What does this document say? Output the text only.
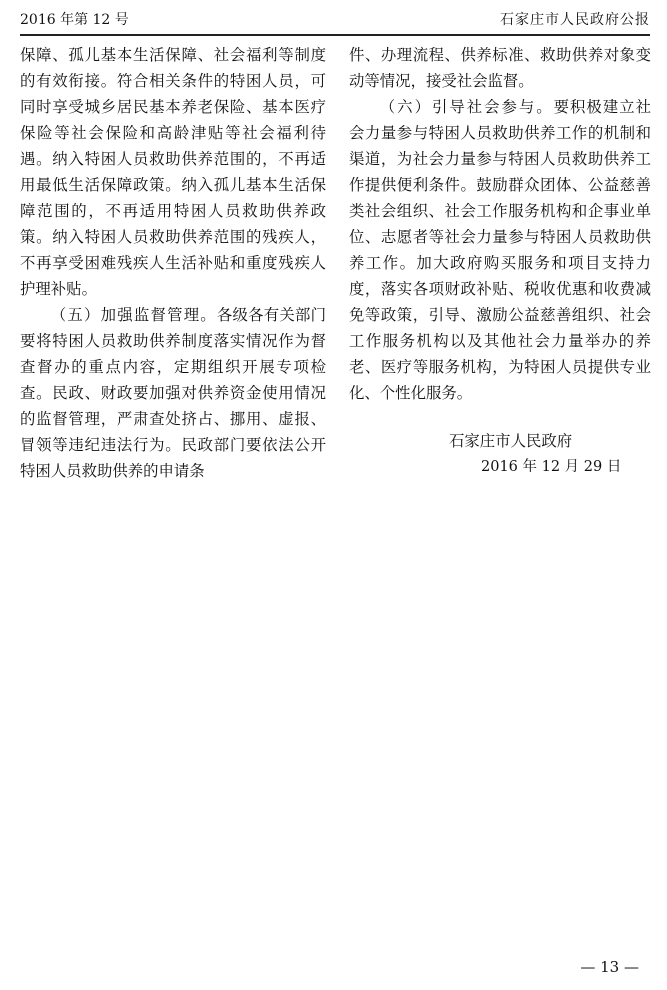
2016 年第 12 号	石家庄市人民政府公报

保障、孤儿基本生活保障、社会福利等制度的有效衔接。符合相关条件的特困人员，可同时享受城乡居民基本养老保险、基本医疗保险等社会保险和高龄津贴等社会福利待遇。纳入特困人员救助供养范围的，不再适用最低生活保障政策。纳入孤儿基本生活保障范围的，不再适用特困人员救助供养政策。纳入特困人员救助供养范围的残疾人，不再享受困难残疾人生活补贴和重度残疾人护理补贴。

（五）加强监督管理。各级各有关部门要将特困人员救助供养制度落实情况作为督查督办的重点内容，定期组织开展专项检查。民政、财政要加强对供养资金使用情况的监督管理，严肃查处挤占、挪用、虚报、冒领等违纪违法行为。民政部门要依法公开特困人员救助供养的申请条

件、办理流程、供养标准、救助供养对象变动等情况，接受社会监督。

（六）引导社会参与。要积极建立社会力量参与特困人员救助供养工作的机制和渠道，为社会力量参与特困人员救助供养工作提供便利条件。鼓励群众团体、公益慈善类社会组织、社会工作服务机构和企事业单位、志愿者等社会力量参与特困人员救助供养工作。加大政府购买服务和项目支持力度，落实各项财政补贴、税收优惠和收费减免等政策，引导、激励公益慈善组织、社会工作服务机构以及其他社会力量举办的养老、医疗等服务机构，为特困人员提供专业化、个性化服务。

石家庄市人民政府
2016 年 12 月 29 日
— 13 —
